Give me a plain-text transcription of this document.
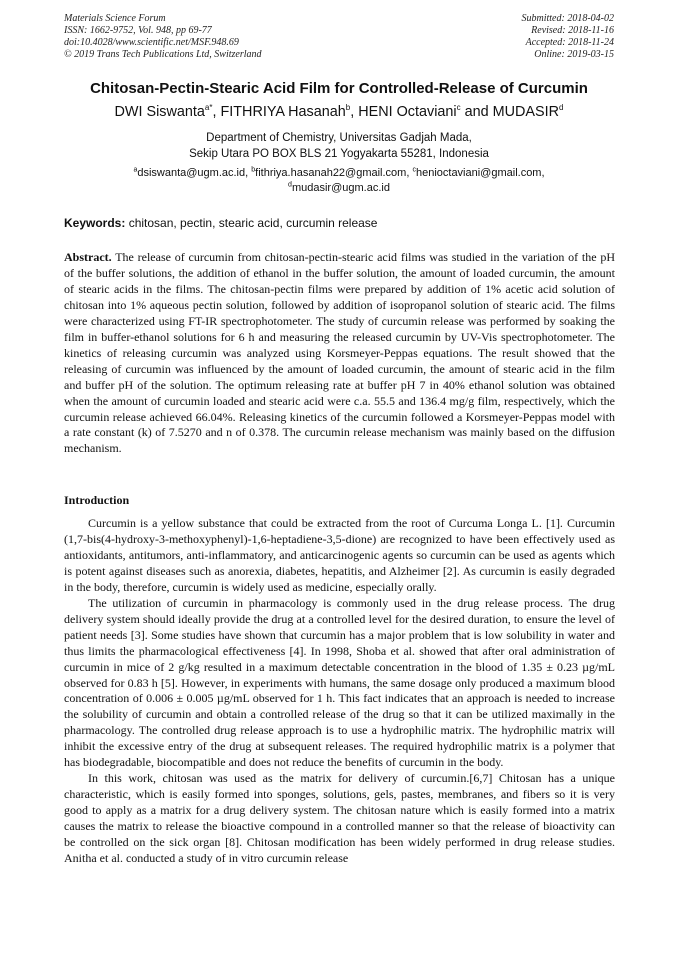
Materials Science Forum
ISSN: 1662-9752, Vol. 948, pp 69-77
doi:10.4028/www.scientific.net/MSF.948.69
© 2019 Trans Tech Publications Ltd, Switzerland
Submitted: 2018-04-02
Revised: 2018-11-16
Accepted: 2018-11-24
Online: 2019-03-15
Chitosan-Pectin-Stearic Acid Film for Controlled-Release of Curcumin
DWI Siswanta$^{a*}$, FITHRIYA Hasanah$^b$, HENI Octaviani$^c$ and MUDASIR$^d$
Department of Chemistry, Universitas Gadjah Mada,
Sekip Utara PO BOX BLS 21 Yogyakarta 55281, Indonesia
$^a$dsiswanta@ugm.ac.id, $^b$fithriya.hasanah22@gmail.com, $^c$henioctaviani@gmail.com,
$^d$mudasir@ugm.ac.id
Keywords: chitosan, pectin, stearic acid, curcumin release
Abstract. The release of curcumin from chitosan-pectin-stearic acid films was studied in the variation of the pH of the buffer solutions, the addition of ethanol in the buffer solution, the amount of loaded curcumin, the amount of stearic acids in the films. The chitosan-pectin films were prepared by addition of 1% acetic acid solution of chitosan into 1% aqueous pectin solution, followed by addition of isopropanol solution of stearic acid. The films were characterized using FT-IR spectrophotometer. The study of curcumin release was performed by soaking the film in buffer-ethanol solutions for 6 h and measuring the released curcumin by UV-Vis spectrophotometer. The kinetics of releasing curcumin was analyzed using Korsmeyer-Peppas equations. The result showed that the releasing of curcumin was influenced by the amount of loaded curcumin, the amount of stearic acid in the film and buffer pH of the solution. The optimum releasing rate at buffer pH 7 in 40% ethanol solution was obtained when the amount of curcumin loaded and stearic acid were c.a. 55.5 and 136.4 mg/g film, respectively, which the curcumin release achieved 66.04%. Releasing kinetics of the curcumin followed a Korsmeyer-Peppas model with a rate constant (k) of 7.5270 and n of 0.378. The curcumin release mechanism was mainly based on the diffusion mechanism.
Introduction

Curcumin is a yellow substance that could be extracted from the root of Curcuma Longa L. [1]. Curcumin (1,7-bis(4-hydroxy-3-methoxyphenyl)-1,6-heptadiene-3,5-dione) are recognized to have been effectively used as antioxidants, antitumors, anti-inflammatory, and anticarcinogenic agents so curcumin can be used as agents which is potent against diseases such as anorexia, diabetes, hepatitis, and Alzheimer [2]. As curcumin is easily degraded in the body, therefore, curcumin is widely used as medicine, especially orally.

The utilization of curcumin in pharmacology is commonly used in the drug release process. The drug delivery system should ideally provide the drug at a controlled level for the desired duration, to ensure the level of patient needs [3]. Some studies have shown that curcumin has a major problem that is low solubility in water and thus limits the pharmacological effectiveness [4]. In 1998, Shoba et al. showed that after oral administration of curcumin in mice of 2 g/kg resulted in a maximum detectable concentration in the blood of 1.35 ± 0.23 µg/mL observed for 0.83 h [5]. However, in experiments with humans, the same dosage only produced a maximum blood concentration of 0.006 ± 0.005 µg/mL observed for 1 h. This fact indicates that an approach is needed to increase the solubility of curcumin and obtain a controlled release of the drug so that it can be utilized maximally in the pharmacology. The controlled drug release approach is to use a hydrophilic matrix. The hydrophilic matrix will inhibit the excessive entry of the drug at subsequent releases. The required hydrophilic matrix is a polymer that has biodegradable, biocompatible and does not reduce the benefits of curcumin in the body.

In this work, chitosan was used as the matrix for delivery of curcumin.[6,7] Chitosan has a unique characteristic, which is easily formed into sponges, solutions, gels, pastes, membranes, and fibers so it is very good to apply as a matrix for a drug delivery system. The chitosan nature which is easily formed into a matrix causes the matrix to release the bioactive compound in a controlled manner so that the release of bioactivity can be controlled on the sick organ [8]. Chitosan modification has been widely performed in drug release studies. Anitha et al. conducted a study of in vitro curcumin release
